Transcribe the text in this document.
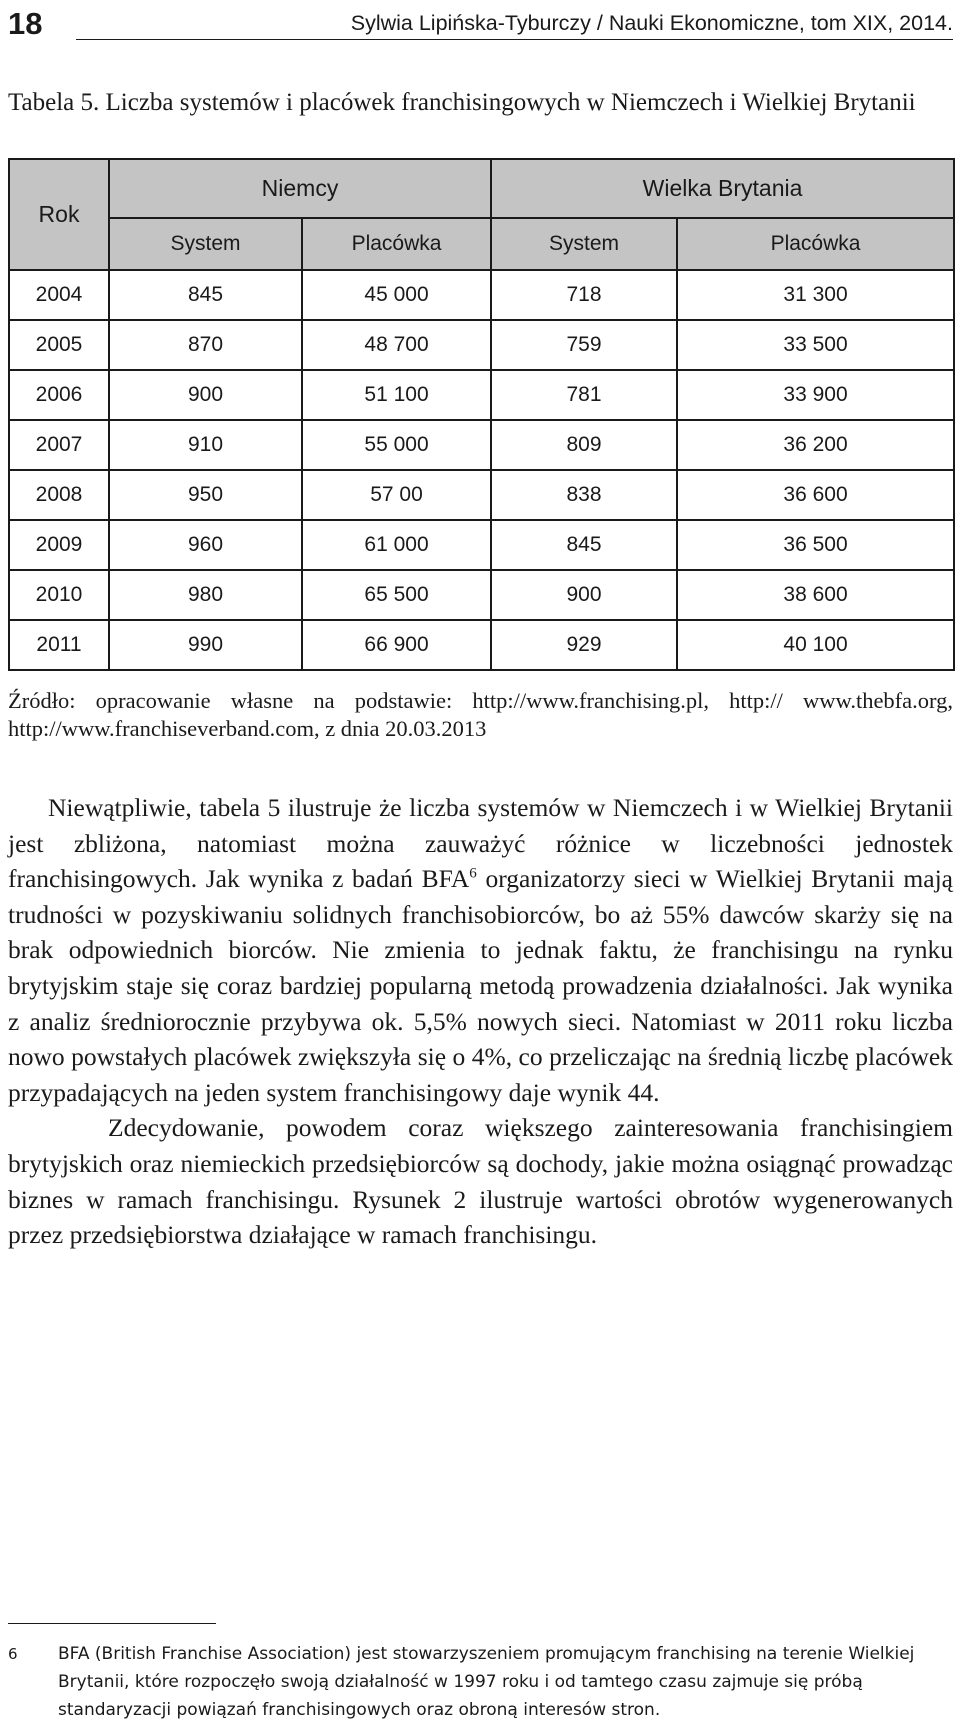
18	Sylwia Lipińska-Tyburczy / Nauki Ekonomiczne, tom XIX, 2014.
Tabela 5. Liczba systemów i placówek franchisingowych w Niemczech i Wielkiej Brytanii
Rok	Niemcy		Wielka Brytania	
	System	Placówka	System	Placówka
2004	845	45 000	718	31 300
2005	870	48 700	759	33 500
2006	900	51 100	781	33 900
2007	910	55 000	809	36 200
2008	950	57 00	838	36 600
2009	960	61 000	845	36 500
2010	980	65 500	900	38 600
2011	990	66 900	929	40 100
Źródło: opracowanie własne na podstawie: http://www.franchising.pl, http:// www.thebfa.org, http://www.franchiseverband.com, z dnia 20.03.2013

Niewątpliwie, tabela 5 ilustruje że liczba systemów w Niemczech i w Wielkiej Brytanii jest zbliżona, natomiast można zauważyć różnice w liczebności jednostek franchisingowych. Jak wynika z badań BFA$^6$ organizatorzy sieci w Wielkiej Brytanii mają trudności w pozyskiwaniu solidnych franchisobiorców, bo aż 55% dawców skarży się na brak odpowiednich biorców. Nie zmienia to jednak faktu, że franchisingu na rynku brytyjskim staje się coraz bardziej popularną metodą prowadzenia działalności. Jak wynika z analiz średniorocznie przybywa ok. 5,5% nowych sieci. Natomiast w 2011 roku liczba nowo powstałych placówek zwiększyła się o 4%, co przeliczając na średnią liczbę placówek przypadających na jeden system franchisingowy daje wynik 44.

Zdecydowanie, powodem coraz większego zainteresowania franchisingiem brytyjskich oraz niemieckich przedsiębiorców są dochody, jakie można osiągnąć prowadząc biznes w ramach franchisingu. Rysunek 2 ilustruje wartości obrotów wygenerowanych przez przedsiębiorstwa działające w ramach franchisingu.

6 BFA (British Franchise Association) jest stowarzyszeniem promującym franchising na terenie Wielkiej Brytanii, które rozpoczęło swoją działalność w 1997 roku i od tamtego czasu zajmuje się próbą standaryzacji powiązań franchisingowych oraz obroną interesów stron.
